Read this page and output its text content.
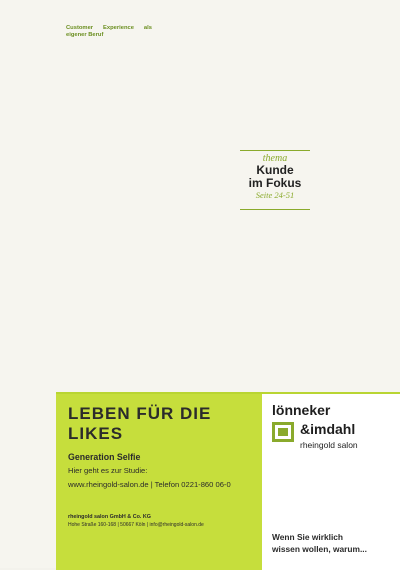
Customer Experience als eigener Beruf
thema
Kunde
im Fokus
Seite 24-51
LEBEN FÜR DIE LIKES
Generation Selfie
Hier geht es zur Studie:
www.rheingold-salon.de | Telefon 0221-860 06-0
rheingold salon GmbH & Co. KG
Hohe Straße 160-168 | 50667 Köln | info@rheingold-salon.de
lönneker
&imdahl
rheingold salon
Wenn Sie wirklich
wissen wollen, warum...
